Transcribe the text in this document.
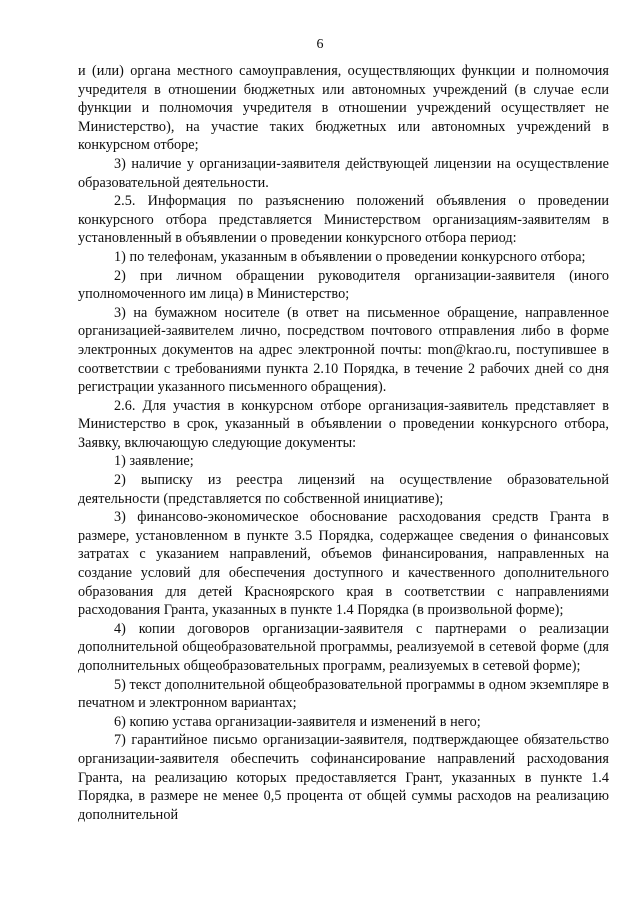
6

и (или) органа местного самоуправления, осуществляющих функции и полномочия учредителя в отношении бюджетных или автономных учреждений (в случае если функции и полномочия учредителя в отношении учреждений осуществляет не Министерство), на участие таких бюджетных или автономных учреждений в конкурсном отборе;

3) наличие у организации-заявителя действующей лицензии на осуществление образовательной деятельности.

2.5. Информация по разъяснению положений объявления о проведении конкурсного отбора представляется Министерством организациям-заявителям в установленный в объявлении о проведении конкурсного отбора период:

1) по телефонам, указанным в объявлении о проведении конкурсного отбора;

2) при личном обращении руководителя организации-заявителя (иного уполномоченного им лица) в Министерство;

3) на бумажном носителе (в ответ на письменное обращение, направленное организацией-заявителем лично, посредством почтового отправления либо в форме электронных документов на адрес электронной почты: mon@krao.ru, поступившее в соответствии с требованиями пункта 2.10 Порядка, в течение 2 рабочих дней со дня регистрации указанного письменного обращения).

2.6. Для участия в конкурсном отборе организация-заявитель представляет в Министерство в срок, указанный в объявлении о проведении конкурсного отбора, Заявку, включающую следующие документы:

1) заявление;

2) выписку из реестра лицензий на осуществление образовательной деятельности (представляется по собственной инициативе);

3) финансово-экономическое обоснование расходования средств Гранта в размере, установленном в пункте 3.5 Порядка, содержащее сведения о финансовых затратах с указанием направлений, объемов финансирования, направленных на создание условий для обеспечения доступного и качественного дополнительного образования для детей Красноярского края в соответствии с направлениями расходования Гранта, указанных в пункте 1.4 Порядка (в произвольной форме);

4) копии договоров организации-заявителя с партнерами о реализации дополнительной общеобразовательной программы, реализуемой в сетевой форме (для дополнительных общеобразовательных программ, реализуемых в сетевой форме);

5) текст дополнительной общеобразовательной программы в одном экземпляре в печатном и электронном вариантах;

6) копию устава организации-заявителя и изменений в него;

7) гарантийное письмо организации-заявителя, подтверждающее обязательство организации-заявителя обеспечить софинансирование направлений расходования Гранта, на реализацию которых предоставляется Грант, указанных в пункте 1.4 Порядка, в размере не менее 0,5 процента от общей суммы расходов на реализацию дополнительной
